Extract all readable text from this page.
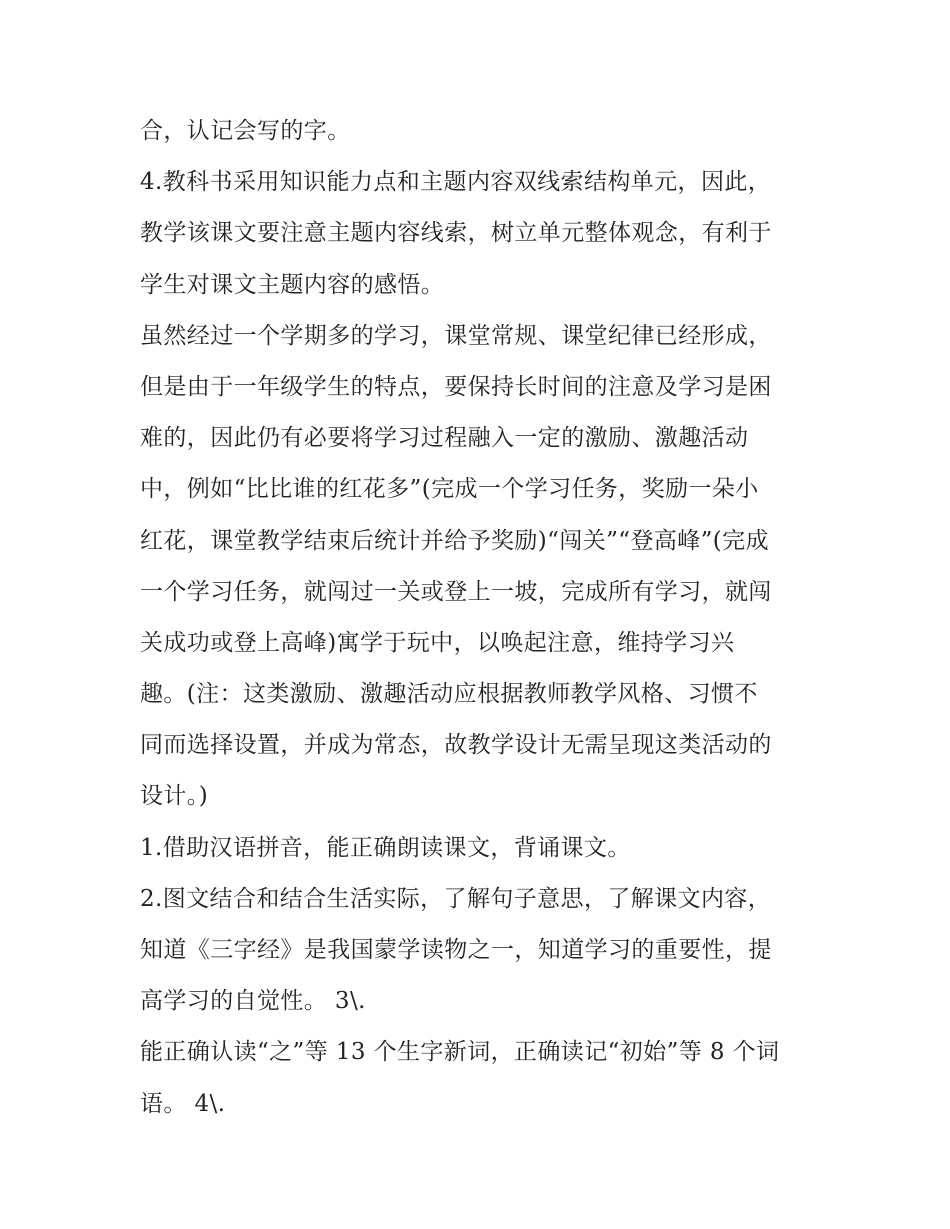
合，认记会写的字。
4.教科书采用知识能力点和主题内容双线索结构单元，因此，
教学该课文要注意主题内容线索，树立单元整体观念，有利于
学生对课文主题内容的感悟。
虽然经过一个学期多的学习，课堂常规、课堂纪律已经形成，
但是由于一年级学生的特点，要保持长时间的注意及学习是困
难的，因此仍有必要将学习过程融入一定的激励、激趣活动
中，例如“比比谁的红花多”(完成一个学习任务，奖励一朵小
红花，课堂教学结束后统计并给予奖励)“闯关”“登高峰”(完成
一个学习任务，就闯过一关或登上一坡，完成所有学习，就闯
关成功或登上高峰)寓学于玩中，以唤起注意，维持学习兴
趣。(注：这类激励、激趣活动应根据教师教学风格、习惯不
同而选择设置，并成为常态，故教学设计无需呈现这类活动的
设计。)
1.借助汉语拼音，能正确朗读课文，背诵课文。
2.图文结合和结合生活实际，了解句子意思，了解课文内容，
知道《三字经》是我国蒙学读物之一，知道学习的重要性，提
高学习的自觉性。 3\.
能正确认读“之”等 13 个生字新词，正确读记“初始”等 8 个词
语。 4\.
